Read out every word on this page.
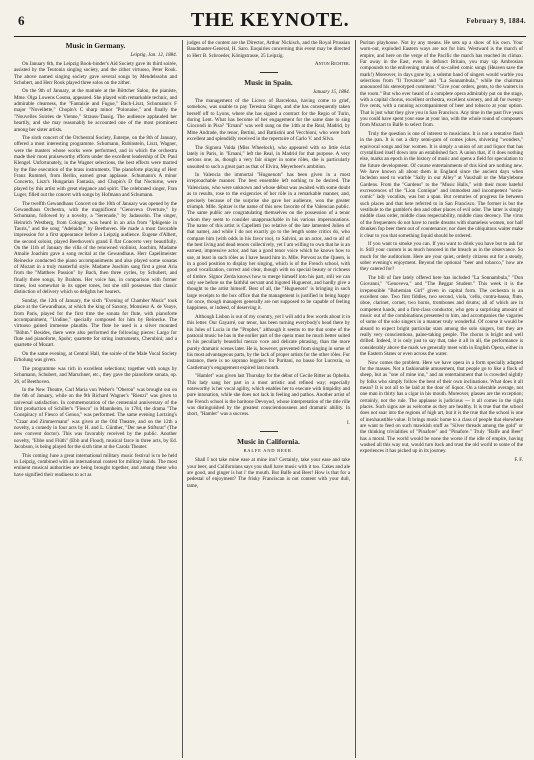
6	THE KEYNOTE.	February 9, 1884.
Music in Germany.

Leipzig, Jan. 12, 1884.

On January 6th, the Leipzig Book-binder's Aid Society gave its third soirée, assisted by the Teutonia singing society, and the zither virtuoso, Peter Rook. The above named singing society gave several songs by Mendelssohn and Schubert, and Herr Rook played three solos on the zither.

On the 9th of January, at the matinée at the Böttcher Salon, the pianiste, Mme. Olga Lowens Cosma, appeared. She played with remarkable technic, and admirable clearness, the "Fantaisie and Fugue," Bach-Liszt, Schumann's F major "Novellette," Chopin's C sharp minor "Polonaise," and finally the "Nouvelles Soirées de Vienne," Strauss-Tausig. The audience applauded her heartily, and she may reasonably be accounted one of the most prominent among her sister artists.

The sixth concert of the Orchestral Society, Euterpe, on the 8th of January, offered a most interesting programme. Schumann, Rubinstein, Liszt, Wagner, were the masters whose works were performed, and in which the orchestra made their most praiseworthy efforts under the excellent leadership of Dr. Paul Klengel. Unfortunately, in the Wagner selections, the best effects were marred by the fine execution of the brass instruments. The pianoforte playing of Herr Franz Rummel, from Berlin, earned great applause. Schumann's A minor Concerto, Liszt's Hungarian Fantasia, and Chopin's D flat Nocturne, were played by this artist with great elegance and spirit. The celebrated singer, Fran Luger, filled out the concert with songs by Hofmann and Schumann.

The twelfth Gewandhaus Concert on the 10th of January was opened by the Gewandhaus Orchestra, with the magnificent "Genoveva Overture," by Schumann, followed by a novelty, a "Serenade," by Jadassohn. The singer, Heinrich Westberg, from Cologne, was heard in an aria from "Iphigenie in Tauris," and the song "Adelaide," by Beethoven. He made a most favorable impression for a first appearance before a Leipzig audience. Eugene d'Albert, the second soloist, played Beethoven's grand E flat Concerto very beautifully. On the 11th of January the villa of the renowned violinist, Joachim, Madame Amalie Joachim gave a song recital at the Gewandhaus. Herr Capellmeister Reinecke conducted the piano accompaniments and also played some sonatas of Mozart in a truly masterful style. Madame Joachim sang first a great Aria from the "Matthew Passion" by Bach, then three cycles, by Schubert, and finally three songs, by Brahms. Her voice has, in comparison with former times, lost somewhat in its upper tones, but she still possesses that classic distinction of delivery which so delights her hearers.

Sunday, the 12th of January, the sixth "Evening of Chamber Music" took place at the Gewandhaus, at which the king of Saxony, Monsieur A. de Veaye, from Paris, played for the first time the sonata for flute, with pianoforte accompaniment, "Undine," specially composed for him by Reinecke. The virtuoso gained immense plaudits. The flute he used is a silver mounted "Böhm." Besides, there were also performed the following pieces: Largo for flute and pianoforte, Spohr; quartette for string instruments, Cherubini; and a quartette of Mozart.

On the same evening, at Central Hall, the soirée of the Male Vocal Society Erholung was given.

The programme was rich in excellent selections; together with songs by Schumann, Schubert, and Marschner, etc., they gave the pianoforte sonata, op. 26, of Beethoven.

In the New Theatre, Carl Maria von Weber's "Oberon" was brought out on the 6th of January, while on the 9th Richard Wagner's "Rienzi" was given to universal satisfaction. In commemoration of the centennial anniversary of the first production of Schiller's "Fiesco" in Mannheim, in 1784, the drama "The Conspiracy of Fiesco of Genoa," was performed. The same evening Lortzing's "Czaar and Zimmermann" was given at the Old Theatre, and on the 12th a novelty, a comedy in four acts by H. and L. Günther, "Der neue Stiftsrat" (The new convent doctor). This was favorably received by the public. Another novelty, "Ebbe und Flüth" (Ebb and Flood), musical farce in three acts, by Ed. Jacobson, is being played for the sixth time at the Carola Theater.

This coming June a great international military music festival is to be held in Leipzig, combined with an international contest for military bands. The most eminent musical authorities are being brought together, and among these who have signified their readiness to act as

judges of the contest are the Director, Arthur Nickisch, and the Royal Prussian Bandmaster-General, H. Saro. Enquiries concerning this event may be directed to Herr B. Schroeder, Königstrasse, 25 Leipzig.

Anton Richter.

Music in Spain.

January 15, 1884.

The management of the Liceco of Barcelona, having come to grief, somehow, was unable to pay Teresina Singer, and she has consequently taken herself off to Lyons, where she has signed a contract for the Regio of Turin, during Lent. What has become of her engagement for the same date to sing Giocondi in Pisa? "Ernani" was well sung on the 14th at the Real, Madrid, by Mme Andrade, the tenor, Bertini, and Battistini and Vecchioni, who were both excellent and splendidly received in the repertoire of Carlo V. and Silva.

The Signora Valda (Miss Wheelock), who appeared with so little éclat lately in Paris, in "Ernani," left the Real, in Madrid for that purpose. A very serious one, as, though a very fair singer in some rôles, she is particularly unsuited to such a great part as that of Elvira, Meyerbeer's ambition.

In Valencia the immortal "Huguenots" has been given in a most irreproachable manner. The best ensemble left nothing to be desired. The Valencians, who were unknown and whose début was awaited with some doubt as to results, rose to the exigencies of her rôle in a remarkable manner, and, precisely because of the surprise she gave her audience, won the greater triumph. Mlle. Spitzer is the name of this new favorite of the Valencian public. The same public are congratulating themselves on the possession of a tenor whom they seem to consider unapproachable in his various impersonations. The name of this artist is Capelletti (no relative of the late lamented Julien of that name), and while I do not exactly go to the length some critics do, who compare him (with odds in his favor too), to Salvini, as an actor, and to all of the best living and dead tenors collectively, yet I am willing to own that he is an earnest, impressive actor, and has a good tenor voice which he knows how to use, at least in such rôles as I have heard him in. Mlle. Prevost as the Queen, is in a good position to display her singing, which is of the French school, with good vocalization, correct and clear, though with no special beauty or richness of timbre. Signor Zerda knows how to merge himself into his part, still we can only see before us the faithful servant and bigoted Huguenot, and hardly give a thought to the artist himself. Best of all, the "Huguenots" is bringing in such large receipts to the box office that the management is justified in being happy for once, though managers generally are not supposed to be capable of feeling happiness, or indeed, of deserving it.

Although Lisbon is out of my country, yet I will add a few words about it in this letter. Our Gayarré, our tenor, has been turning everybody's head there by his Jules of Lucia in the "Prophet," although it seems to me that some of the pastoral music he has in the earlier part of the opera must be much better suited to his peculiarly beautiful mezzo voce and delicate phrasing, than the more purely dramatic scenes later. He is, however, prevented from singing in some of his most advantageous parts, by the lack of proper artists for the other rôles. For instance, there is no soprano leggiero for Puritani, no basso for Lucrezia, so Castlemary's engagement expired last month.

"Hamlet" was given last Thursday for the début of Cecile Ritter as Ophelia. This lady sang her part in a most artistic and refined way; especially noteworthy is her vocal agility, which enables her to execute with limpidity and pure intonation, while she does not lack in feeling and pathos. Another artist of the French school is the baritone Devoyod, whose interpretation of the title rôle was distinguished by the greatest conscientiousness and dramatic ability. In short, "Hamlet" was a success.

I.

Music in California.
BALFE AND BEER.

Shall I not take mine ease at mine inn? Certainly, take your ease and take your beer, and Californians says you shall have music with it too. Cakes and ale are good, and ginger is hot i' the mouth. But Balfe and Beer! How is that for a pedestal of enjoyment? The frisky Franciscan is not content with your dull, tame,

Puritan playhouse. Not by any means. He sets up a show of his own. Your worn-out, exploded Eastern ways are not for him. Westward is the march of empire, and here on the verge of the Pacific the march has reached its climax. Far away in the East, even in defunct Britain, you may sip Ambrosian compounds to the enlivening strains of so-called comic songs (Heaven save the mark!) Moreover, in days gone by, a solemn band of singers would warble you selections from "Il Trovatore" and "La Sonnambula," while the chairman announced his stereotyped comment: "Give your orders, gents, to the waiters in the room." But who ever heard of a complete opera admirably put on the stage, with a capital chorus, excellent orchestra, excellent scenery, and all for twenty-five cents, with a running accompaniment of beer and tobacco at your option. That is just what they give you in San Francisco. Any time in the past five years you could have spent your ease at your inn, with the whole round of composers from Mozart to Balfe to select from.

Truly the question is one of interest to musicians. It is not a tentative flash in the pan. It is not a dirty semi-gam of comes jokes, shivering "wonders," equivocal songs and bar women. It is simply a union of art and liquor that has crystallized itself down into an established fact. A union that, if it does nothing else, marks an epoch in the history of music and opens a field for speculation to the future development. Of course entertainments of this kind are nothing new. We have known all about them in England since the ancient days when Incledon used to warble "Sally in our Alley" at Vauxhall or the Marylebone Gardens. From the "Gardens" to the "Music Halls," with their more hateful excrescences of the "Lion Comique" and immodest and incompetent "serio-comic" lady vocalists, was but a span. But centuries of progress lie between such places and that here referred to in San Francisco. The former is but the vestibule to the gambler's den and other places of evil odor. The latter is simply middle class order, middle class respectability, middle class decency. The virus of the frequenters do not have to rustle dreams with shameless women, nor half drunken fop beer them out of countenance; nor does the ubiquitous waiter make it clear to you that something liquid should be ordered.

If you want to smoke you can. If you want to drink you have but to ask for it. Still your custom is as much honored in the breach as in the observance. So much for the auditorium. Here are your quiet, orderly citizens out for a steady, sober evening's enjoyment. Beyond the optional "beer and tobacco," how are they catered for?

The bill of fare lately offered here has included "La Sonnambula," "Don Giovanni," "Genoveva," and "The Beggar Student." This week it is the irrepressible "Bohemian Girl" given in capital form. The orchestra is an excellent one. Two first fiddles, two second, viola, 'cello, contra-basso, flute, oboe, clarinet, cornet, two horns, trombones and drums; all of which are in competent hands, and a first-class conductor, who gets a surprising amount of music out of the combinations presented to him, and accompanies the vagaries of some of the solo singers in a manner truly wonderful. Of course it would be absurd to expect bright particular stars among the solo singers, but they are really very conscientious, paine-taking people. The chorus is bright and well drilled. Indeed, it is only just to say that, take it all in all, the performance is considerably above the mark we generally meet with in English Opera, either in the Eastern States or even across the water.

Now comes the problem. Here we have opera in a form specially adapted for the masses. Not a fashionable amusement, that people go to like a flock of sheep, but as "one of mine inn," and an entertainment that is crowded nightly by folks who simply follow the bent of their own inclinations. What does it all mean? It is not all to be laid at the door of liquor. On a tolerable average, not one man in thirty has a cigar in his mouth. Moreover, glasses are the exception; certainly, not the rule. The applause is judicious — it all comes in the right places. Such signs are as welcome as they are healthy. It is true that the school does not soar into the regions of high art, but it is the true that the school is one of inexhaustible value. It brings music home to a class of people that elsewhere are want to feed on such mawkish stuff as "Silver threads among the gold" or the thinking trivialities of "Pinafore" and "Pinafore." Truly "Balfe and Beer" has a moral. The world would be none the worse if the idle of empire, having washed all this way out, would turn back and trust the old world to some of the experiences it has picked up in its journey.

F. F.
